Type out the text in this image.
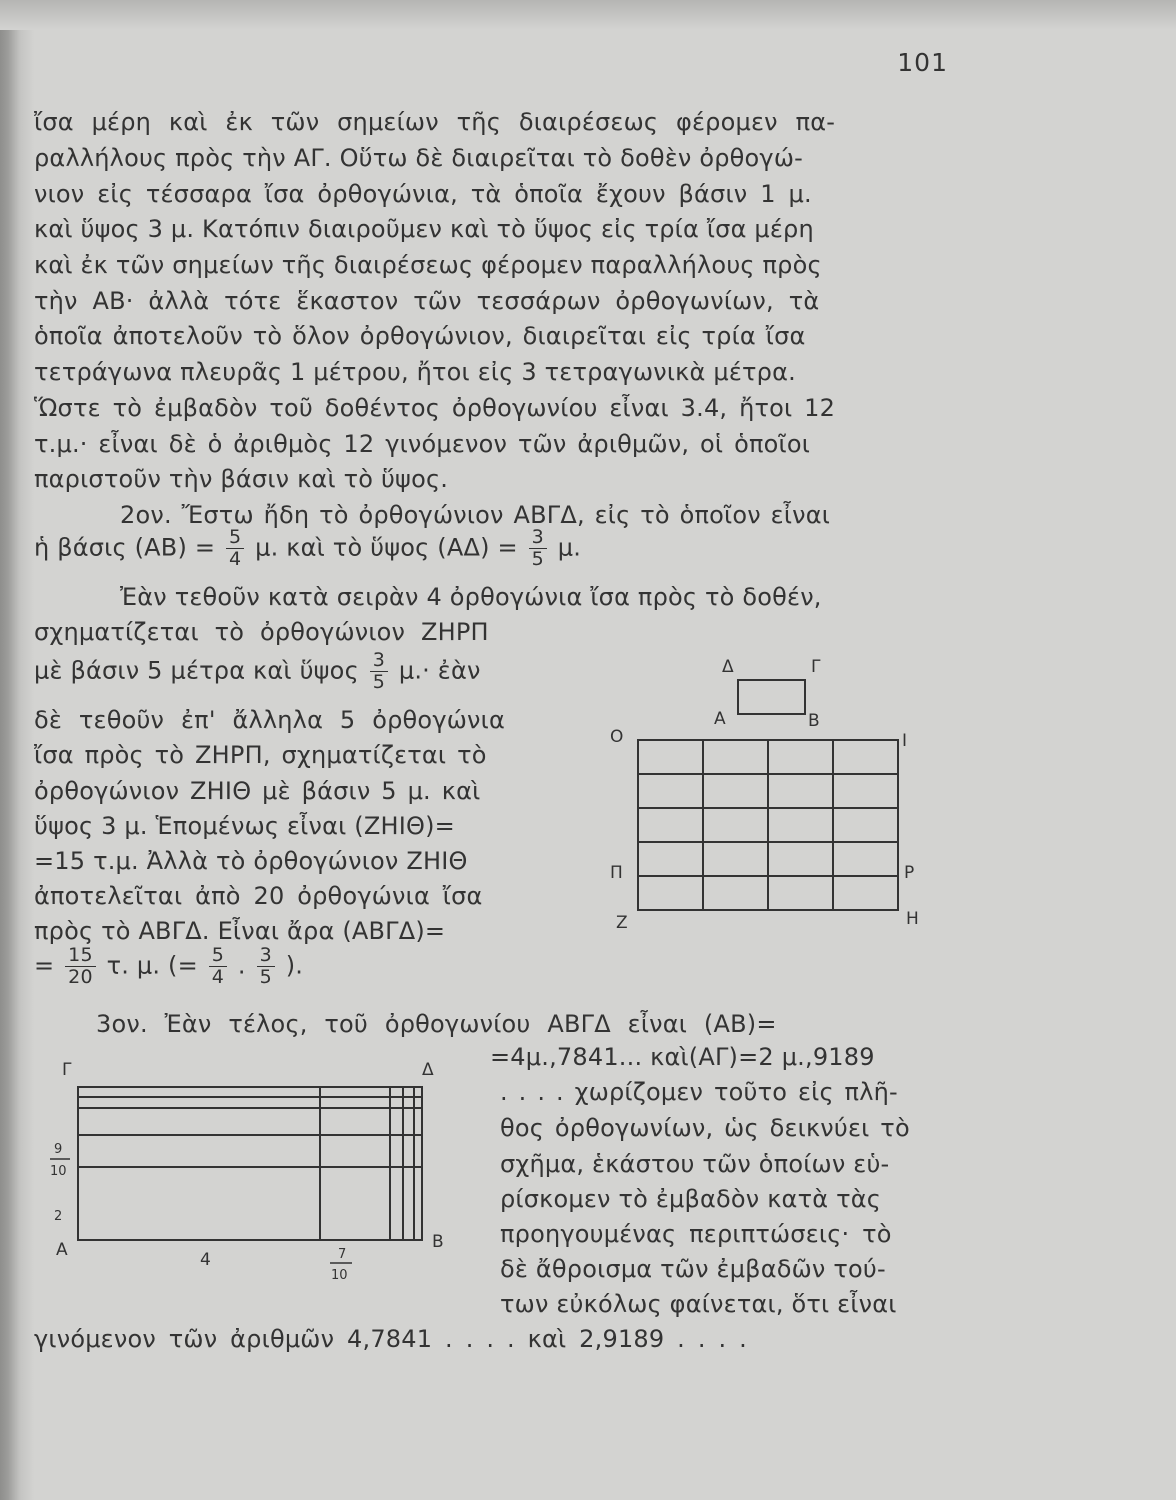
101
ἴσα μέρη καὶ ἐκ τῶν σημείων τῆς διαιρέσεως φέρομεν πα-
ραλλήλους πρὸς τὴν ΑΓ. Οὕτω δὲ διαιρεῖται τὸ δοθὲν ὀρθογώ-
νιον εἰς τέσσαρα ἴσα ὀρθογώνια, τὰ ὁποῖα ἔχουν βάσιν 1 μ.
καὶ ὕψος 3 μ. Κατόπιν διαιροῦμεν καὶ τὸ ὕψος εἰς τρία ἴσα μέρη
καὶ ἐκ τῶν σημείων τῆς διαιρέσεως φέρομεν παραλλήλους πρὸς
τὴν ΑΒ· ἀλλὰ τότε ἕκαστον τῶν τεσσάρων ὀρθογωνίων, τὰ
ὁποῖα ἀποτελοῦν τὸ ὅλον ὀρθογώνιον, διαιρεῖται εἰς τρία ἴσα
τετράγωνα πλευρᾶς 1 μέτρου, ἤτοι εἰς 3 τετραγωνικὰ μέτρα.
Ὥστε τὸ ἐμβαδὸν τοῦ δοθέντος ὀρθογωνίου εἶναι 3.4, ἤτοι 12
τ.μ.· εἶναι δὲ ὁ ἀριθμὸς 12 γινόμενον τῶν ἀριθμῶν, οἱ ὁποῖοι
παριστοῦν τὴν βάσιν καὶ τὸ ὕψος.
2ον. Ἔστω ἤδη τὸ ὀρθογώνιον ΑΒΓΔ, εἰς τὸ ὁποῖον εἶναι
ἡ βάσις $(AB) = \frac{5}{4} \mu$. καὶ τὸ ὕψος $(A\Delta) = \frac{3}{5} \mu$.
Ἐὰν τεθοῦν κατὰ σειρὰν 4 ὀρθογώνια ἴσα πρὸς τὸ δοθέν,
σχηματίζεται τὸ ὀρθογώνιον ΖΗΡΠ
μὲ βάσιν 5 μέτρα καὶ ὕψος $\frac{3}{5} \mu.\cdot$ ἐὰν
δὲ τεθοῦν ἐπ' ἄλληλα 5 ὀρθογώνια
ἴσα πρὸς τὸ ΖΗΡΠ, σχηματίζεται τὸ
ὀρθογώνιον ΖΗΙΘ μὲ βάσιν 5 μ. καὶ
ὕψος 3 μ. Ἑπομένως εἶναι (ΖΗΙΘ)=
=15 τ.μ. Ἀλλὰ τὸ ὀρθογώνιον ΖΗΙΘ
ἀποτελεῖται ἀπὸ 20 ὀρθογώνια ἴσα
πρὸς τὸ ΑΒΓΔ. Εἶναι ἄρα (ΑΒΓΔ)=
= $\frac{15}{20} \tau$. μ. (= $\frac{5}{4}$ . $\frac{3}{5}$ ).
3ον. Ἐὰν τέλος, τοῦ ὀρθογωνίου ΑΒΓΔ εἶναι (ΑΒ)=
=4μ.,7841... καὶ(ΑΓ)=2 μ.,9189
. . . . χωρίζομεν τοῦτο εἰς πλῆ-
θος ὀρθογωνίων, ὡς δεικνύει τὸ
σχῆμα, ἑκάστου τῶν ὁποίων εὑ-
ρίσκομεν τὸ ἐμβαδὸν κατὰ τὰς
προηγουμένας περιπτώσεις· τὸ
δὲ ἄθροισμα τῶν ἐμβαδῶν τού-
των εὐκόλως φαίνεται, ὅτι εἶναι
γινόμενον τῶν ἀριθμῶν 4,7841 . . . . καὶ 2,9189 . . . .
Δ	Γ
Α	Β
Ο	Ι
Π	Ρ
Ζ	Η
Γ	Δ
Α	Β
9
10
2
4	7
10
